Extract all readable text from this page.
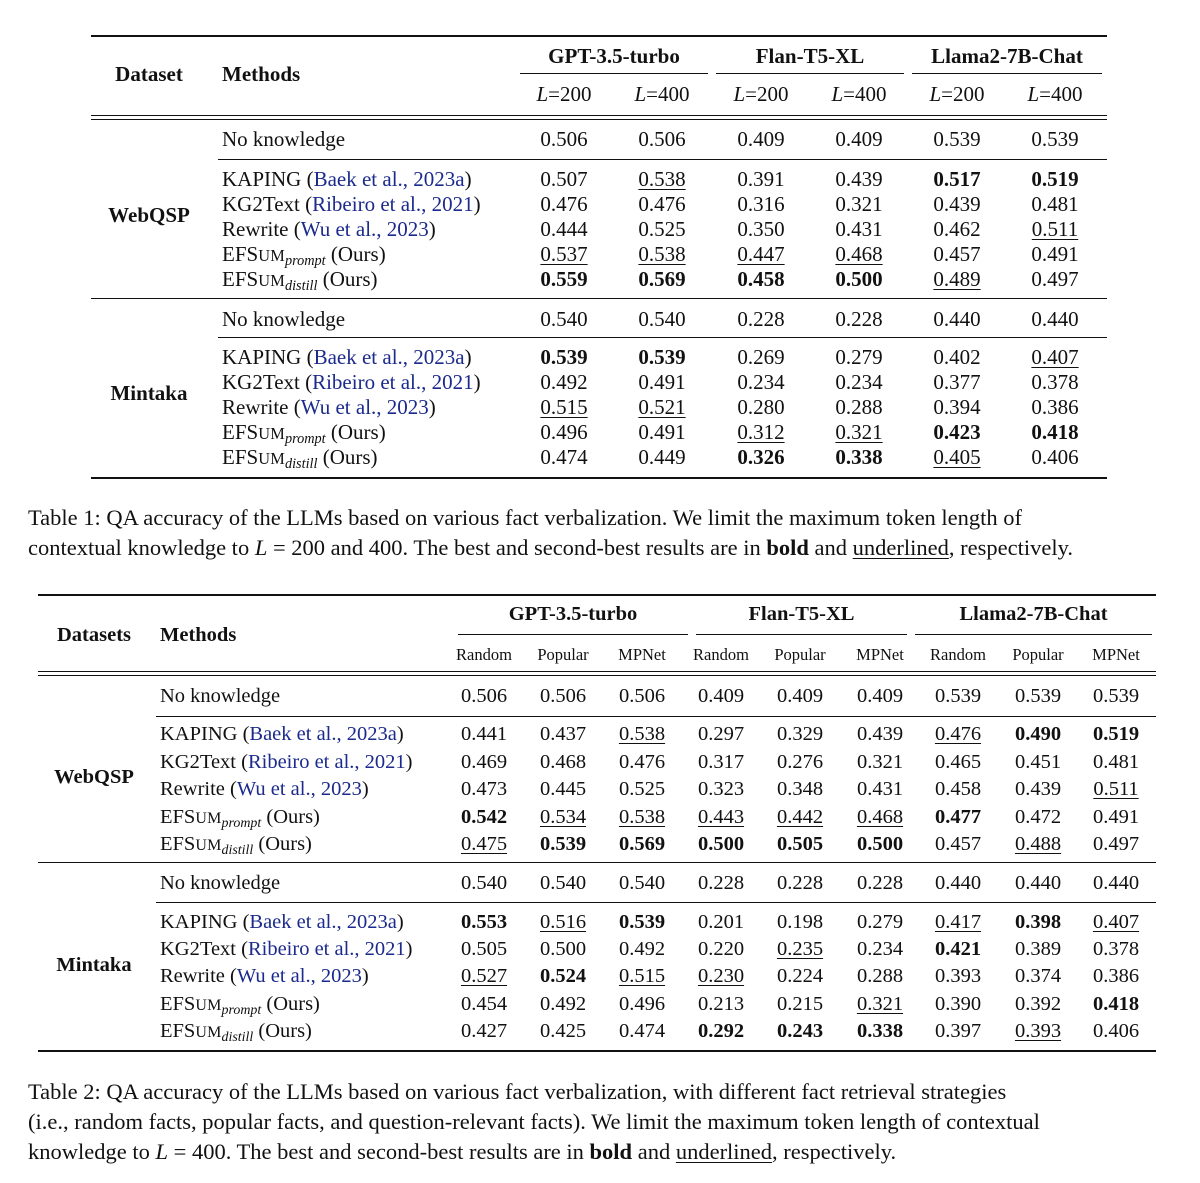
Dataset	Methods
GPT-3.5-turbo	Flan-T5-XL	Llama2-7B-Chat
L=200	L=400	L=200	L=400	L=200	L=400
WebQSP
No knowledge	0.506	0.506	0.409	0.409	0.539	0.539
KAPING (Baek et al., 2023a)	0.507	0.538	0.391	0.439	0.517	0.519
KG2Text (Ribeiro et al., 2021)	0.476	0.476	0.316	0.321	0.439	0.481
Rewrite (Wu et al., 2023)	0.444	0.525	0.350	0.431	0.462	0.511
$EFSUM_{prompt}$ (Ours)	0.537	0.538	0.447	0.468	0.457	0.491
$EFSUM_{distill}$ (Ours)	0.559	0.569	0.458	0.500	0.489	0.497
Mintaka
No knowledge	0.540	0.540	0.228	0.228	0.440	0.440
KAPING (Baek et al., 2023a)	0.539	0.539	0.269	0.279	0.402	0.407
KG2Text (Ribeiro et al., 2021)	0.492	0.491	0.234	0.234	0.377	0.378
Rewrite (Wu et al., 2023)	0.515	0.521	0.280	0.288	0.394	0.386
$EFSUM_{prompt}$ (Ours)	0.496	0.491	0.312	0.321	0.423	0.418
$EFSUM_{distill}$ (Ours)	0.474	0.449	0.326	0.338	0.405	0.406
Datasets	Methods
GPT-3.5-turbo	Flan-T5-XL	Llama2-7B-Chat
Random	Popular	MPNet	Random	Popular	MPNet	Random	Popular	MPNet
WebQSP
No knowledge	0.506	0.506	0.506	0.409	0.409	0.409	0.539	0.539	0.539
KAPING (Baek et al., 2023a)	0.441	0.437	0.538	0.297	0.329	0.439	0.476	0.490	0.519
KG2Text (Ribeiro et al., 2021)	0.469	0.468	0.476	0.317	0.276	0.321	0.465	0.451	0.481
Rewrite (Wu et al., 2023)	0.473	0.445	0.525	0.323	0.348	0.431	0.458	0.439	0.511
$EFSUM_{prompt}$ (Ours)	0.542	0.534	0.538	0.443	0.442	0.468	0.477	0.472	0.491
$EFSUM_{distill}$ (Ours)	0.475	0.539	0.569	0.500	0.505	0.500	0.457	0.488	0.497
Mintaka
No knowledge	0.540	0.540	0.540	0.228	0.228	0.228	0.440	0.440	0.440
KAPING (Baek et al., 2023a)	0.553	0.516	0.539	0.201	0.198	0.279	0.417	0.398	0.407
KG2Text (Ribeiro et al., 2021)	0.505	0.500	0.492	0.220	0.235	0.234	0.421	0.389	0.378
Rewrite (Wu et al., 2023)	0.527	0.524	0.515	0.230	0.224	0.288	0.393	0.374	0.386
$EFSUM_{prompt}$ (Ours)	0.454	0.492	0.496	0.213	0.215	0.321	0.390	0.392	0.418
$EFSUM_{distill}$ (Ours)	0.427	0.425	0.474	0.292	0.243	0.338	0.397	0.393	0.406
Table 1: QA accuracy of the LLMs based on various fact verbalization. We limit the maximum token length of
contextual knowledge to L = 200 and 400. The best and second-best results are in bold and underlined, respectively.
Table 2: QA accuracy of the LLMs based on various fact verbalization, with different fact retrieval strategies
(i.e., random facts, popular facts, and question-relevant facts). We limit the maximum token length of contextual
knowledge to L = 400. The best and second-best results are in bold and underlined, respectively.
